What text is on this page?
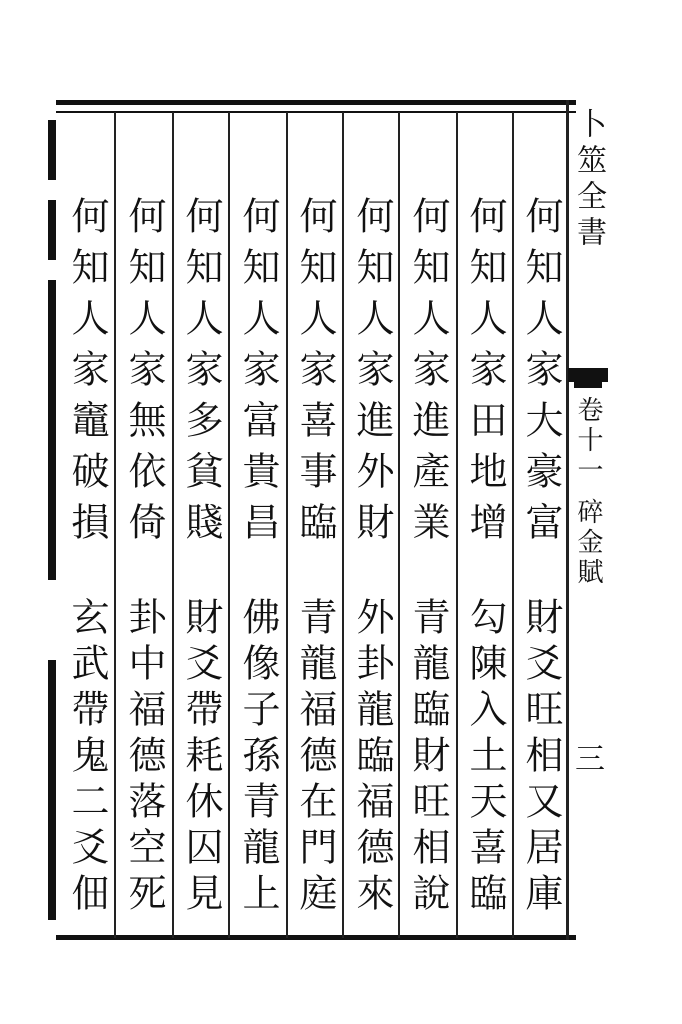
卜筮全書
卷十一 碎金賦
三
何知人家大豪富
財爻旺相又居庫
何知人家田地增
勾陳入土天喜臨
何知人家進產業
青龍臨財旺相說
何知人家進外財
外卦龍臨福德來
何知人家喜事臨
青龍福德在門庭
何知人家富貴昌
佛像子孫青龍上
何知人家多貧賤
財爻帶耗休囚見
何知人家無依倚
卦中福德落空死
何知人家竈破損
玄武帶鬼二爻佃
